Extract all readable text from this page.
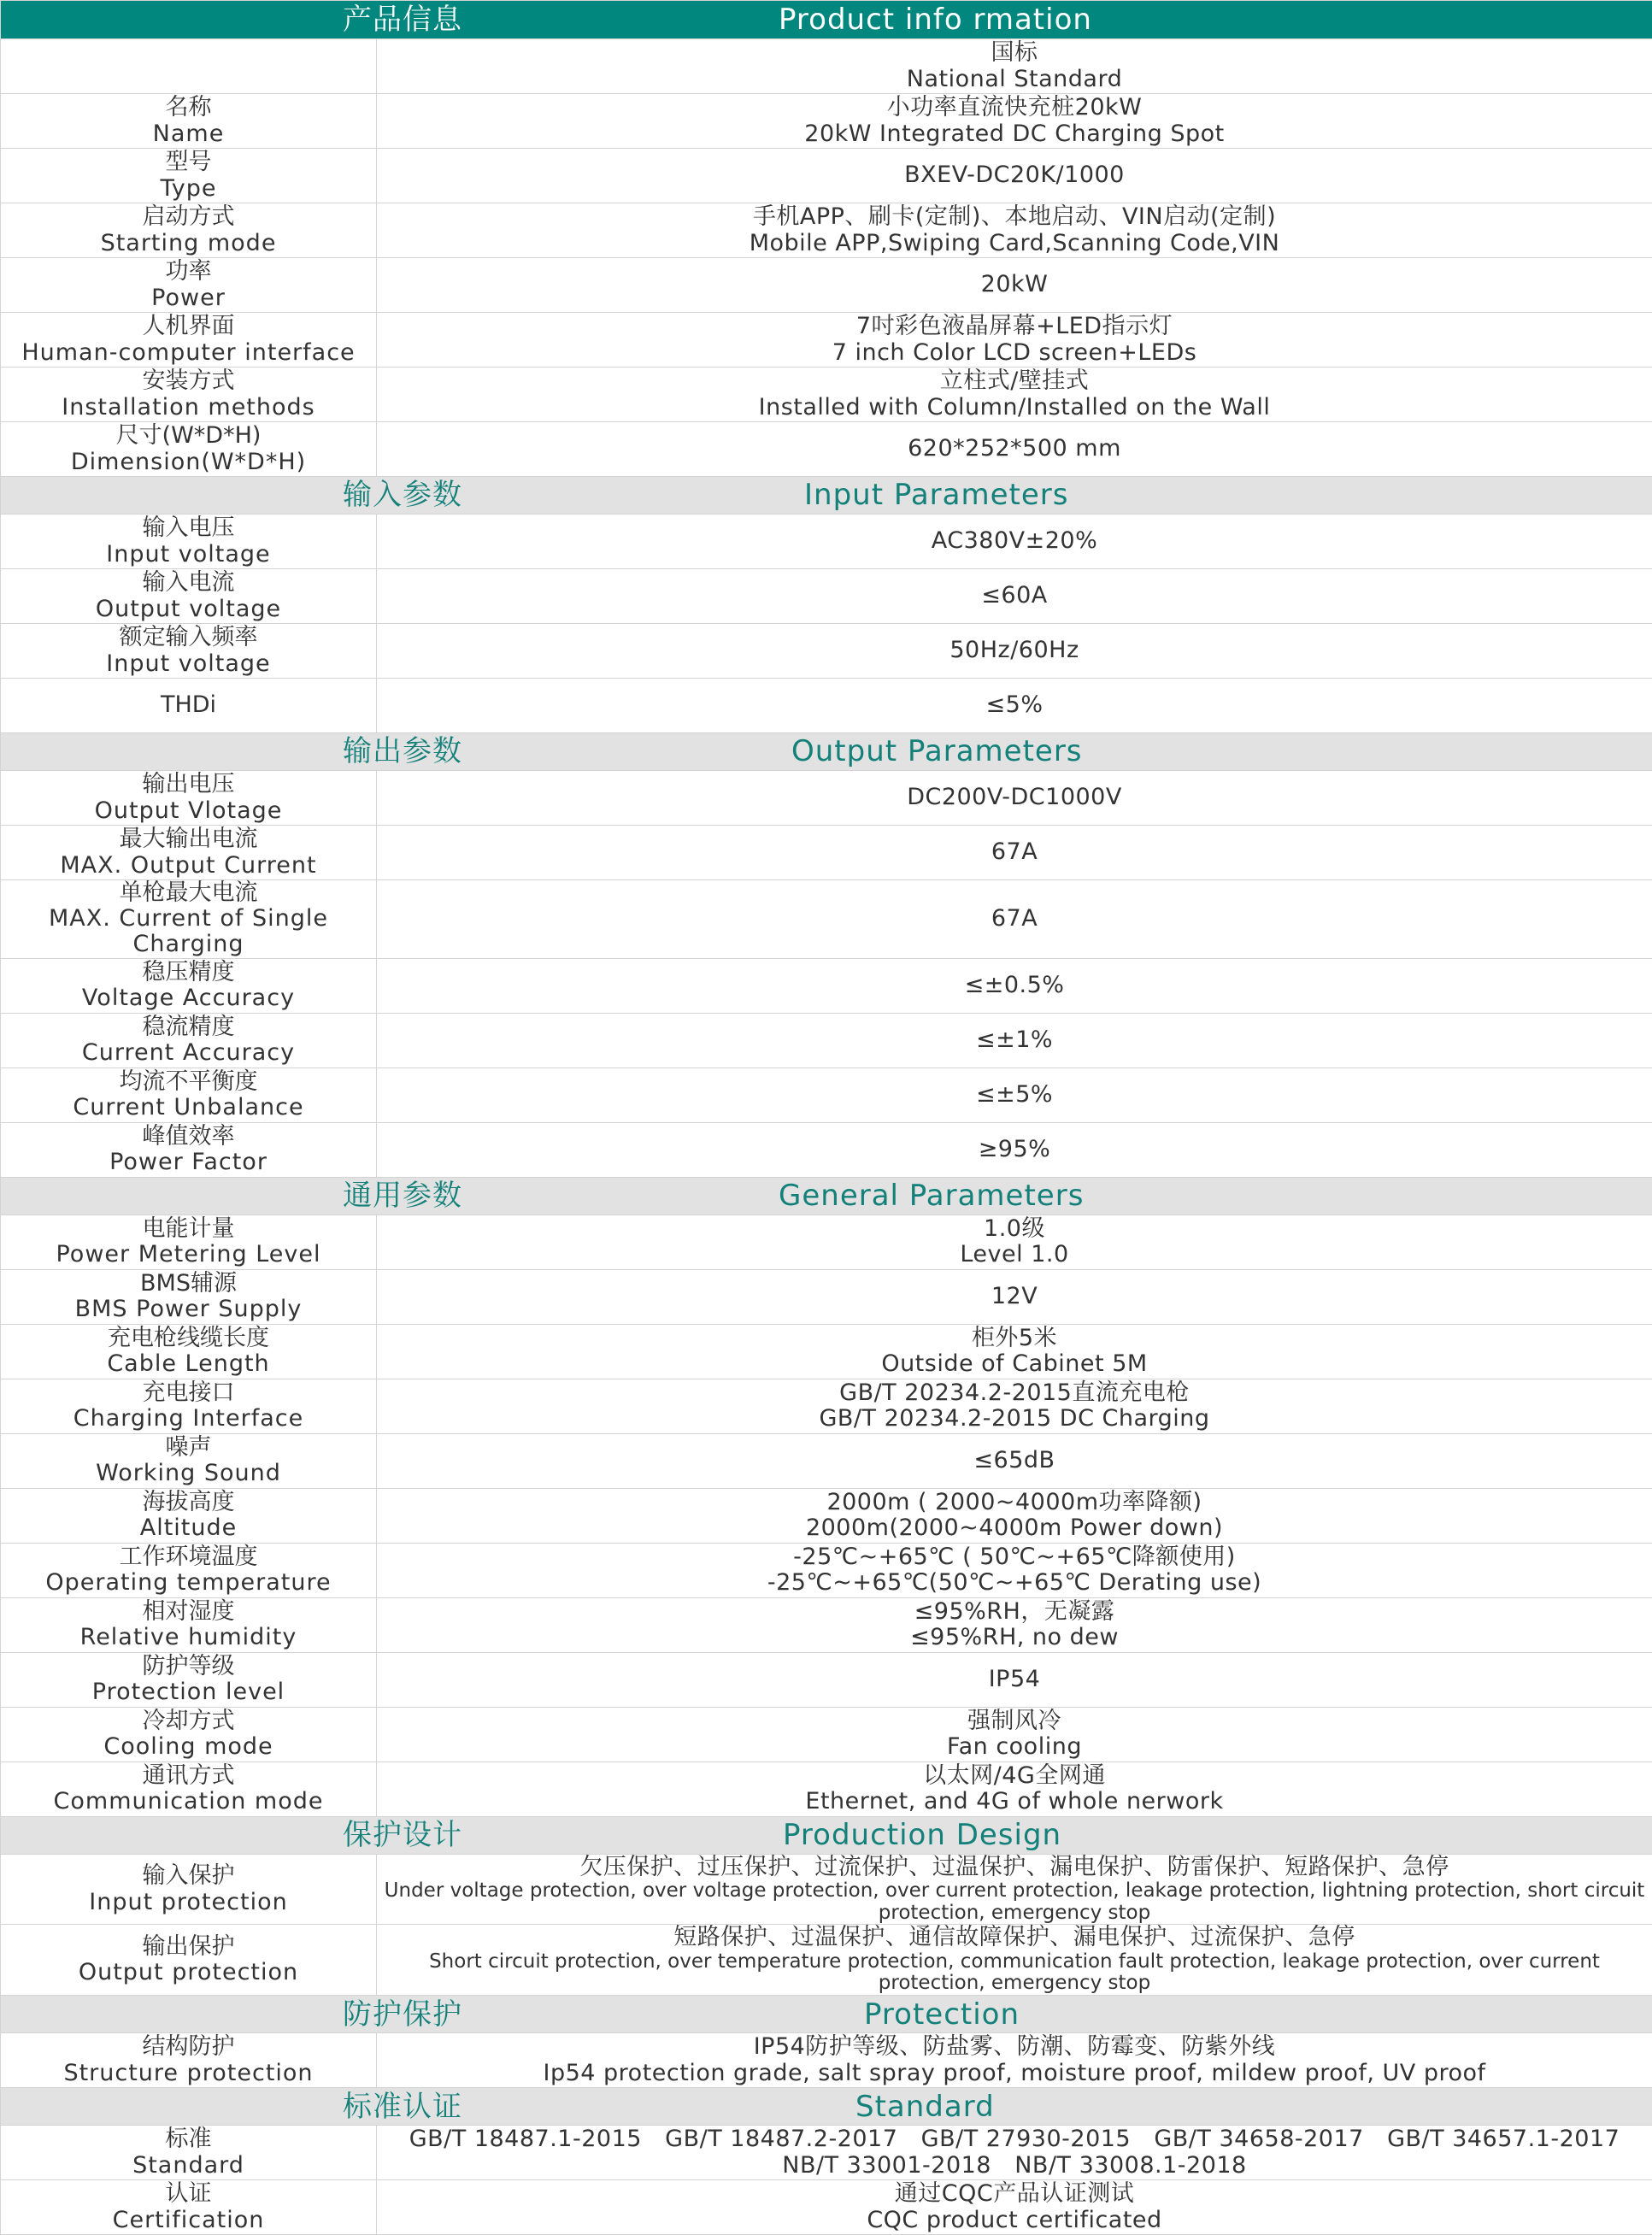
产品信息 Product info rmation	

	国标
National Standard

名称
Name	小功率直流快充桩20kW
20kW Integrated DC Charging Spot

型号
Type	BXEV-DC20K/1000

启动方式
Starting mode	手机APP、刷卡(定制)、本地启动、VIN启动(定制)
Mobile APP,Swiping Card,Scanning Code,VIN

功率
Power	20kW

人机界面
Human-computer interface	7吋彩色液晶屏幕+LED指示灯
7 inch Color LCD screen+LEDs

安装方式
Installation methods	立柱式/壁挂式
Installed with Column/Installed on the Wall

尺寸(W*D*H)
Dimension(W*D*H)	620*252*500 mm

输入参数 Input Parameters	

输入电压
Input voltage	AC380V±20%

输入电流
Output voltage	≤60A

额定输入频率
Input voltage	50Hz/60Hz

THDi	≤5%

输出参数 Output Parameters	

输出电压
Output Vlotage	DC200V-DC1000V

最大输出电流
MAX. Output Current	67A

单枪最大电流
MAX. Current of Single Charging	67A

稳压精度
Voltage Accuracy	≤±0.5%

稳流精度
Current Accuracy	≤±1%

均流不平衡度
Current Unbalance	≤±5%

峰值效率
Power Factor	≥95%

通用参数 General Parameters	

电能计量
Power Metering Level	1.0级
Level 1.0

BMS辅源
BMS Power Supply	12V

充电枪线缆长度
Cable Length	柜外5米
Outside of Cabinet 5M

充电接口
Charging Interface	GB/T 20234.2-2015直流充电枪
GB/T 20234.2-2015 DC Charging

噪声
Working Sound	≤65dB

海拔高度
Altitude	2000m ( 2000~4000m功率降额)
2000m(2000~4000m Power down)

工作环境温度
Operating temperature	-25℃~+65℃ ( 50℃~+65℃降额使用)
-25℃~+65℃(50℃~+65℃ Derating use)

相对湿度
Relative humidity	≤95%RH，无凝露
≤95%RH, no dew

防护等级
Protection level	IP54

冷却方式
Cooling mode	强制风冷
Fan cooling

通讯方式
Communication mode	以太网/4G全网通
Ethernet, and 4G of whole nerwork

保护设计 Production Design	

输入保护
Input protection	欠压保护、过压保护、过流保护、过温保护、漏电保护、防雷保护、短路保护、急停
Under voltage protection, over voltage protection, over current protection, leakage protection, lightning protection, short circuit protection, emergency stop

输出保护
Output protection	短路保护、过温保护、通信故障保护、漏电保护、过流保护、急停
Short circuit protection, over temperature protection, communication fault protection, leakage protection, over current protection, emergency stop

防护保护 Protection	

结构防护
Structure protection	IP54防护等级、防盐雾、防潮、防霉变、防紫外线
Ip54 protection grade, salt spray proof, moisture proof, mildew proof, UV proof

标准认证 Standard	

标准
Standard	GB/T 18487.1-2015   GB/T 18487.2-2017   GB/T 27930-2015   GB/T 34658-2017   GB/T 34657.1-2017
NB/T 33001-2018   NB/T 33008.1-2018

认证
Certification	通过CQC产品认证测试
CQC product certificated
